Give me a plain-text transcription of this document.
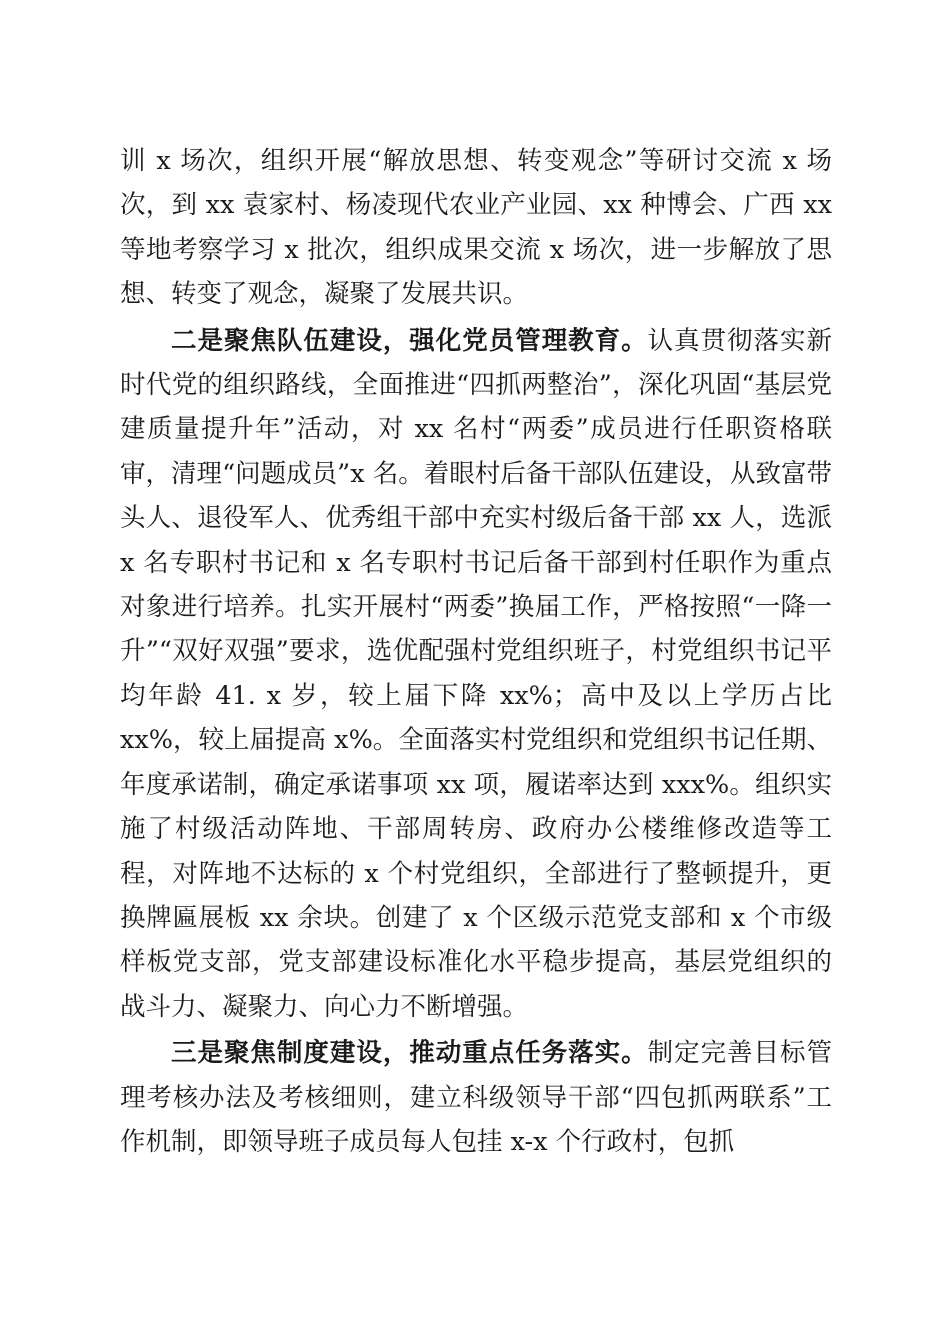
训 x 场次，组织开展“解放思想、转变观念”等研讨交流 x 场次，到 xx 袁家村、杨凌现代农业产业园、xx 种博会、广西 xx 等地考察学习 x 批次，组织成果交流 x 场次，进一步解放了思想、转变了观念，凝聚了发展共识。

二是聚焦队伍建设，强化党员管理教育。认真贯彻落实新时代党的组织路线，全面推进“四抓两整治”，深化巩固“基层党建质量提升年”活动，对 xx 名村“两委”成员进行任职资格联审，清理“问题成员”x 名。着眼村后备干部队伍建设，从致富带头人、退役军人、优秀组干部中充实村级后备干部 xx 人，选派 x 名专职村书记和 x 名专职村书记后备干部到村任职作为重点对象进行培养。扎实开展村“两委”换届工作，严格按照“一降一升”“双好双强”要求，选优配强村党组织班子，村党组织书记平均年龄 41. x 岁，较上届下降 xx%；高中及以上学历占比 xx%，较上届提高 x%。全面落实村党组织和党组织书记任期、年度承诺制，确定承诺事项 xx 项，履诺率达到 xxx%。组织实施了村级活动阵地、干部周转房、政府办公楼维修改造等工程，对阵地不达标的 x 个村党组织，全部进行了整顿提升，更换牌匾展板 xx 余块。创建了 x 个区级示范党支部和 x 个市级样板党支部，党支部建设标准化水平稳步提高，基层党组织的战斗力、凝聚力、向心力不断增强。

三是聚焦制度建设，推动重点任务落实。制定完善目标管理考核办法及考核细则，建立科级领导干部“四包抓两联系”工作机制，即领导班子成员每人包挂 x-x 个行政村，包抓
